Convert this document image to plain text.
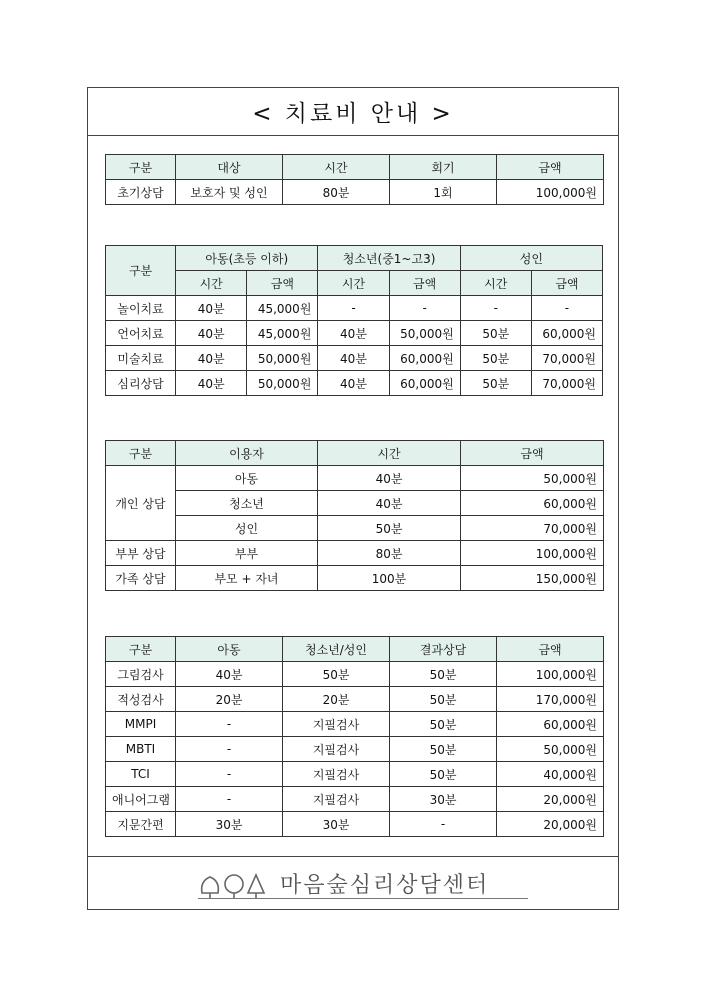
< 치료비 안내 >
구분	대상	시간	회기	금액
초기상담	보호자 및 성인	80분	1회	100,000원
구분	아동(초등 이하)		청소년(중1~고3)		성인	
	시간	금액	시간	금액	시간	금액
놀이치료	40분	45,000원	-	-	-	-
언어치료	40분	45,000원	40분	50,000원	50분	60,000원
미술치료	40분	50,000원	40분	60,000원	50분	70,000원
심리상담	40분	50,000원	40분	60,000원	50분	70,000원
구분	이용자	시간	금액
개인 상담	아동	40분	50,000원
	청소년	40분	60,000원
	성인	50분	70,000원
부부 상담	부부	80분	100,000원
가족 상담	부모 + 자녀	100분	150,000원
구분	아동	청소년/성인	결과상담	금액
그림검사	40분	50분	50분	100,000원
적성검사	20분	20분	50분	170,000원
MMPI	-	지필검사	50분	60,000원
MBTI	-	지필검사	50분	50,000원
TCI	-	지필검사	50분	40,000원
애니어그램	-	지필검사	30분	20,000원
지문간편	30분	30분	-	20,000원
마음숲심리상담센터
